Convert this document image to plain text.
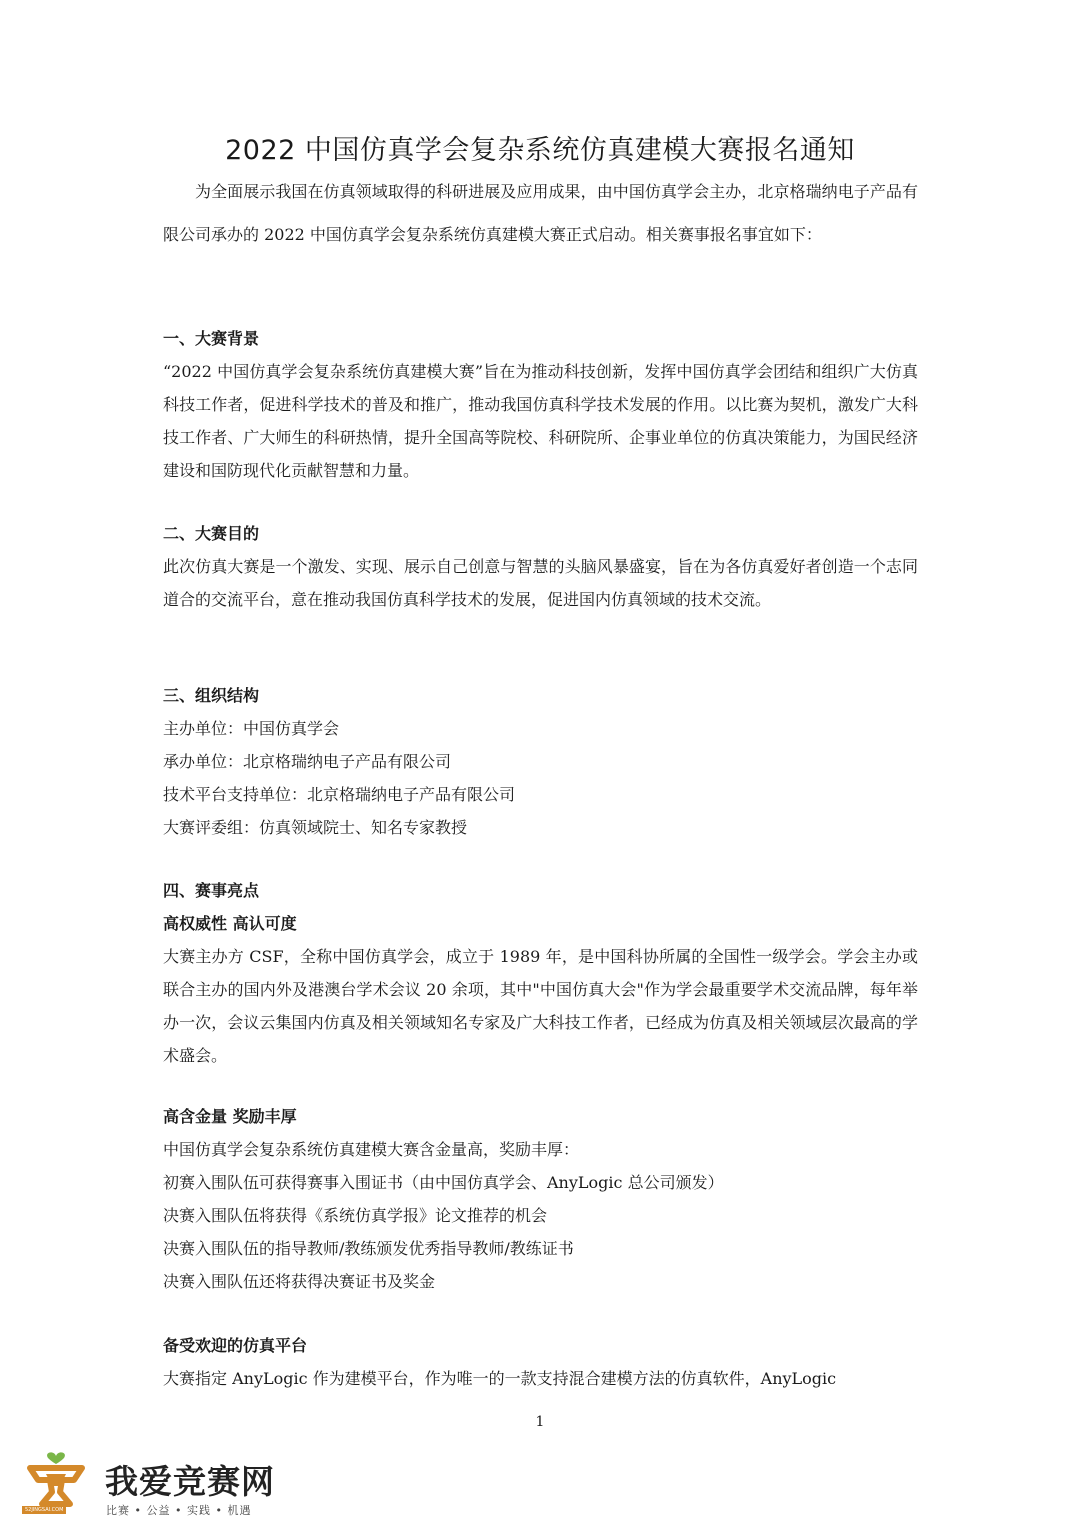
2022 中国仿真学会复杂系统仿真建模大赛报名通知

为全面展示我国在仿真领域取得的科研进展及应用成果，由中国仿真学会主办，北京格瑞纳电子产品有限公司承办的 2022 中国仿真学会复杂系统仿真建模大赛正式启动。相关赛事报名事宜如下：

一、大赛背景

“2022 中国仿真学会复杂系统仿真建模大赛”旨在为推动科技创新，发挥中国仿真学会团结和组织广大仿真科技工作者，促进科学技术的普及和推广，推动我国仿真科学技术发展的作用。以比赛为契机，激发广大科技工作者、广大师生的科研热情，提升全国高等院校、科研院所、企事业单位的仿真决策能力，为国民经济建设和国防现代化贡献智慧和力量。

二、大赛目的

此次仿真大赛是一个激发、实现、展示自己创意与智慧的头脑风暴盛宴，旨在为各仿真爱好者创造一个志同道合的交流平台，意在推动我国仿真科学技术的发展，促进国内仿真领域的技术交流。

三、组织结构

主办单位：中国仿真学会

承办单位：北京格瑞纳电子产品有限公司

技术平台支持单位：北京格瑞纳电子产品有限公司

大赛评委组：仿真领域院士、知名专家教授

四、赛事亮点
高权威性 高认可度

大赛主办方 CSF，全称中国仿真学会，成立于 1989 年，是中国科协所属的全国性一级学会。学会主办或联合主办的国内外及港澳台学术会议 20 余项，其中"中国仿真大会"作为学会最重要学术交流品牌，每年举办一次，会议云集国内仿真及相关领域知名专家及广大科技工作者，已经成为仿真及相关领域层次最高的学术盛会。

高含金量 奖励丰厚

中国仿真学会复杂系统仿真建模大赛含金量高，奖励丰厚：

初赛入围队伍可获得赛事入围证书（由中国仿真学会、AnyLogic 总公司颁发）

决赛入围队伍将获得《系统仿真学报》论文推荐的机会

决赛入围队伍的指导教师/教练颁发优秀指导教师/教练证书

决赛入围队伍还将获得决赛证书及奖金

备受欢迎的仿真平台

大赛指定 AnyLogic 作为建模平台，作为唯一的一款支持混合建模方法的仿真软件，AnyLogic

1
52JINGSAI.COM
我爱竞赛网
比赛 • 公益 • 实践 • 机遇
